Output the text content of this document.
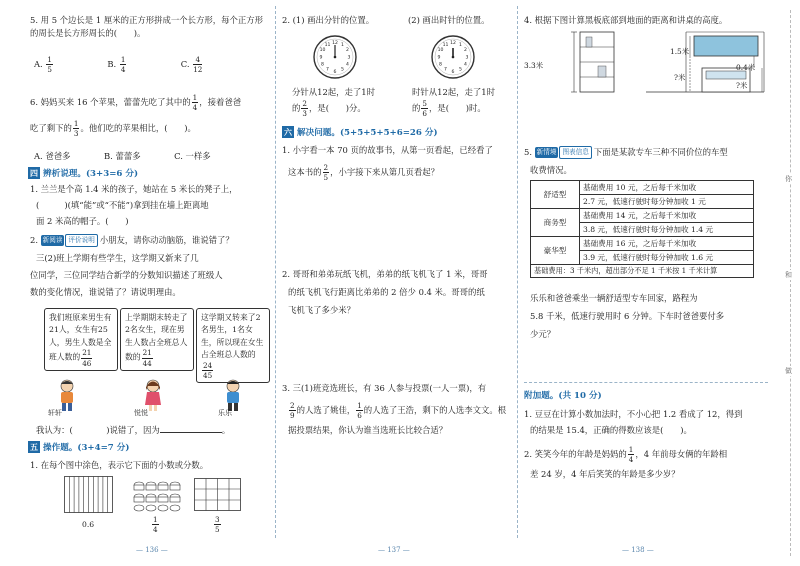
5. 用 5 个边长是 1 厘米的正方形拼成一个长方形，每个正方形的周长是长方形周长的(　　)。
A. $\frac{1}{5}$	B. $\frac{1}{4}$	C. $\frac{4}{12}$
6. 妈妈买来 16 个苹果，蕾蕾先吃了其中的 $\frac{1}{4}$ ，接着爸爸
吃了剩下的 $\frac{1}{3}$ 。他们吃的苹果相比，(　　)。
A. 爸爸多　　　　B. 蕾蕾多　　　　C. 一样多
四 辨析说理。(3+3=6 分)
1. 兰兰是个高 1.4 米的孩子，她站在 5 米长的凳子上，
(　　　)(填“能”或“不能”)拿到挂在墙上距离地
面 2 米高的帽子。(　　)
2. 新阅读 评价说明 小朋友，请你动动脑筋，谁说错了？
三(2)班上学期有些学生，这学期又新来了几
位同学，三位同学结合新学的分数知识描述了班级人
数的变化情况，谁说错了？请说明理由。
我们班原来男生有21人，女生有25人，男生人数是全班人数的 $\frac{21}{46}$
上学期期末转走了2名女生，现在男生人数占全班总人数的 $\frac{21}{44}$
这学期又转来了2名男生，1名女生，所以现在女生占全班总人数的
$\frac{24}{45}$
轩轩	悦悦	乐乐
我认为：(　　　　)说错了，因为	。
五 操作题。(3+4=7 分)
1. 在每个图中涂色，表示它下面的小数或分数。
0.6	$\frac{1}{4}$	$\frac{3}{5}$
— 136 —
2. (1) 画出分针的位置。	(2) 画出时针的位置。
12 1
2
3
4
5
6
7
8
9
10
11	12 1
2
3
4
5
6
7
8
9
10
11
分针从12起，走了1时
的 $\frac{2}{3}$ ，是(　　)分。
时针从12起，走了1时
的 $\frac{5}{6}$ ，是(　　)时。
六 解决问题。(5+5+5+5+6=26 分)
1. 小宇看一本 70 页的故事书，从第一页看起，已经看了
这本书的 $\frac{2}{5}$ ，小宇接下来从第几页看起？
2. 哥哥和弟弟玩纸飞机，弟弟的纸飞机飞了 1 米，哥哥
的纸飞机飞行距离比弟弟的 2 倍少 0.4 米。哥哥的纸
飞机飞了多少米？
3. 三(1)班竞选班长，有 36 人参与投票(一人一票)，有
$\frac{2}{9}$ 的人选了姚佳， $\frac{1}{6}$ 的人选了王浩，剩下的人选李文文。根
据投票结果，你认为谁当选班长比较合适？
— 137 —
4. 根据下图计算黑板底部到地面的距离和讲桌的高度。
3.3米
1.5米
?米
0.4米
?米
5. 新情境 图表信息 下面是某款专车三种不同价位的车型
收费情况。
舒适型	基础费用 10 元，之后每千米加收
	2.7 元，低速行驶时每分钟加收 1 元
商务型	基础费用 14 元，之后每千米加收
	3.8 元，低速行驶时每分钟加收 1.4 元
豪华型	基础费用 16 元，之后每千米加收
	3.9 元，低速行驶时每分钟加收 1.6 元
基础费用：3 千米内，超出部分不足 1 千米按 1 千米计算	
乐乐和爸爸乘坐一辆舒适型专车回家，路程为
5.8 千米，低速行驶用时 6 分钟。下车时爸爸要付多
少元？
附加题。(共 10 分)
1. 豆豆在计算小数加法时，不小心把 1.2 看成了 12，得到
的结果是 15.4，正确的得数应该是(　　)。
2. 笑笑今年的年龄是妈妈的 $\frac{1}{4}$ ，4 年前母女俩的年龄相
差 24 岁，4 年后笑笑的年龄是多少岁？
— 138 —
你
和
做
